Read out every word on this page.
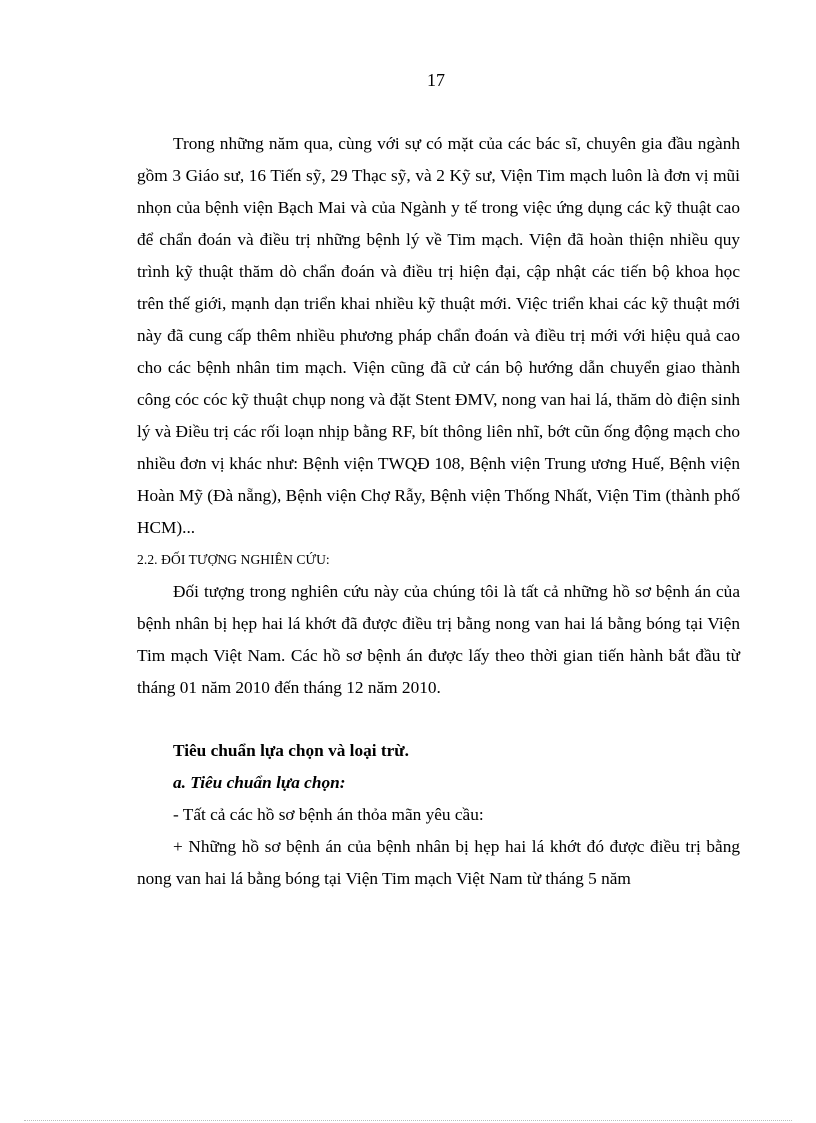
17

Trong những năm qua, cùng với sự có mặt của các bác sĩ, chuyên gia đầu ngành gồm 3 Giáo sư, 16 Tiến sỹ, 29 Thạc sỹ, và 2 Kỹ sư, Viện Tim mạch luôn là đơn vị mũi nhọn của bệnh viện Bạch Mai và của Ngành y tế trong việc ứng dụng các kỹ thuật cao để chẩn đoán và điều trị những bệnh lý về Tim mạch. Viện đã hoàn thiện nhiều quy trình kỹ thuật thăm dò chẩn đoán và điều trị hiện đại, cập nhật các tiến bộ khoa học trên thế giới, mạnh dạn triển khai nhiều kỹ thuật mới. Việc triển khai các kỹ thuật mới này đã cung cấp thêm nhiều phương pháp chẩn đoán và điều trị mới với hiệu quả cao cho các bệnh nhân tim mạch. Viện cũng đã cử cán bộ hướng dẫn chuyển giao thành công cóc cóc kỹ thuật chụp nong và đặt Stent ĐMV, nong van hai lá, thăm dò điện sinh lý và Điều trị các rối loạn nhịp bằng RF, bít thông liên nhĩ, bớt cũn ống động mạch cho nhiều đơn vị khác như: Bệnh viện TWQĐ 108, Bệnh viện Trung ương Huế, Bệnh viện Hoàn Mỹ (Đà nẵng), Bệnh viện Chợ Rẫy, Bệnh viện Thống Nhất, Viện Tim (thành phố HCM)...

2.2. ĐỐI TƯỢNG NGHIÊN CỨU:

Đối tượng trong nghiên cứu này của chúng tôi là tất cả những hồ sơ bệnh án của bệnh nhân bị hẹp hai lá khớt đã được điều trị bằng nong van hai lá bằng bóng tại Viện Tim mạch Việt Nam. Các hồ sơ bệnh án được lấy theo thời gian tiến hành bắt đầu từ tháng 01 năm 2010 đến tháng 12 năm 2010.

Tiêu chuẩn lựa chọn và loại trừ.

a. Tiêu chuẩn lựa chọn:

- Tất cả các hồ sơ bệnh án thỏa mãn yêu cầu:

+ Những hồ sơ bệnh án của bệnh nhân bị hẹp hai lá khớt đó được điều trị bằng nong van hai lá bằng bóng tại Viện Tim mạch Việt Nam từ tháng 5 năm
